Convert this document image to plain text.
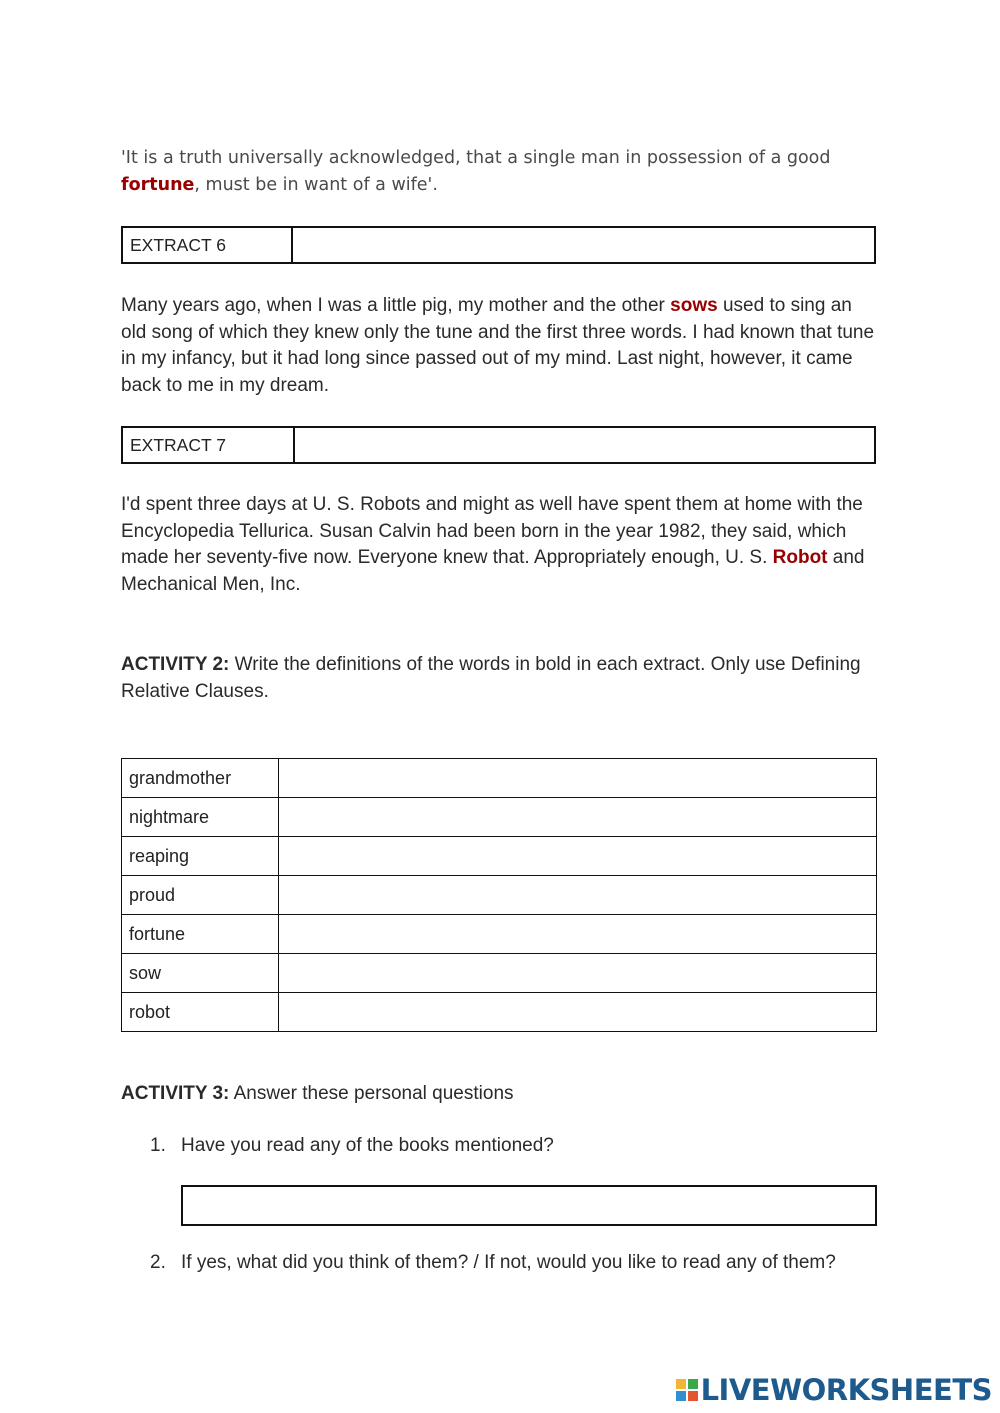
'It is a truth universally acknowledged, that a single man in possession of a good fortune, must be in want of a wife'.

EXTRACT 6

Many years ago, when I was a little pig, my mother and the other sows used to sing an old song of which they knew only the tune and the first three words. I had known that tune in my infancy, but it had long since passed out of my mind. Last night, however, it came back to me in my dream.

EXTRACT 7

I'd spent three days at U. S. Robots and might as well have spent them at home with the Encyclopedia Tellurica. Susan Calvin had been born in the year 1982, they said, which made her seventy-five now. Everyone knew that. Appropriately enough, U. S. Robot and Mechanical Men, Inc.

ACTIVITY 2: Write the definitions of the words in bold in each extract. Only use Defining Relative Clauses.

grandmother	
nightmare	
reaping	
proud	
fortune	
sow	
robot	

ACTIVITY 3: Answer these personal questions

1. Have you read any of the books mentioned?
2. If yes, what did you think of them? / If not, would you like to read any of them?
LIVEWORKSHEETS
